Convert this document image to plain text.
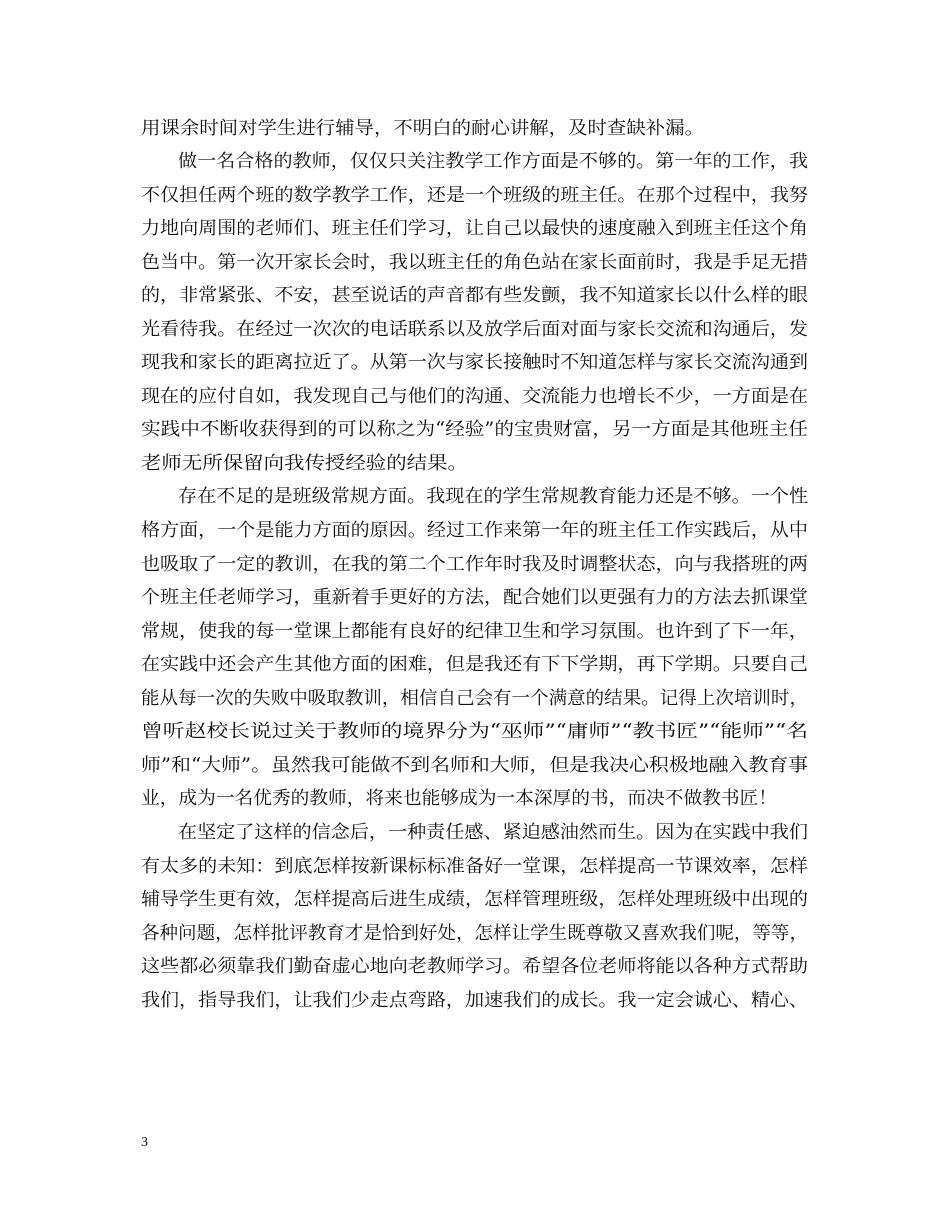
用课余时间对学生进行辅导，不明白的耐心讲解，及时查缺补漏。
做一名合格的教师，仅仅只关注教学工作方面是不够的。第一年的工作，我
不仅担任两个班的数学教学工作，还是一个班级的班主任。在那个过程中，我努
力地向周围的老师们、班主任们学习，让自己以最快的速度融入到班主任这个角
色当中。第一次开家长会时，我以班主任的角色站在家长面前时，我是手足无措
的，非常紧张、不安，甚至说话的声音都有些发颤，我不知道家长以什么样的眼
光看待我。在经过一次次的电话联系以及放学后面对面与家长交流和沟通后，发
现我和家长的距离拉近了。从第一次与家长接触时不知道怎样与家长交流沟通到
现在的应付自如，我发现自己与他们的沟通、交流能力也增长不少，一方面是在
实践中不断收获得到的可以称之为“经验”的宝贵财富，另一方面是其他班主任
老师无所保留向我传授经验的结果。
存在不足的是班级常规方面。我现在的学生常规教育能力还是不够。一个性
格方面，一个是能力方面的原因。经过工作来第一年的班主任工作实践后，从中
也吸取了一定的教训，在我的第二个工作年时我及时调整状态，向与我搭班的两
个班主任老师学习，重新着手更好的方法，配合她们以更强有力的方法去抓课堂
常规，使我的每一堂课上都能有良好的纪律卫生和学习氛围。也许到了下一年，
在实践中还会产生其他方面的困难，但是我还有下下学期，再下学期。只要自己
能从每一次的失败中吸取教训，相信自己会有一个满意的结果。记得上次培训时，
曾听赵校长说过关于教师的境界分为“巫师”“庸师”“教书匠”“能师”“名
师”和“大师”。虽然我可能做不到名师和大师，但是我决心积极地融入教育事
业，成为一名优秀的教师，将来也能够成为一本深厚的书，而决不做教书匠！
在坚定了这样的信念后，一种责任感、紧迫感油然而生。因为在实践中我们
有太多的未知：到底怎样按新课标标准备好一堂课，怎样提高一节课效率，怎样
辅导学生更有效，怎样提高后进生成绩，怎样管理班级，怎样处理班级中出现的
各种问题，怎样批评教育才是恰到好处，怎样让学生既尊敬又喜欢我们呢，等等，
这些都必须靠我们勤奋虚心地向老教师学习。希望各位老师将能以各种方式帮助
我们，指导我们，让我们少走点弯路，加速我们的成长。我一定会诚心、精心、
3
